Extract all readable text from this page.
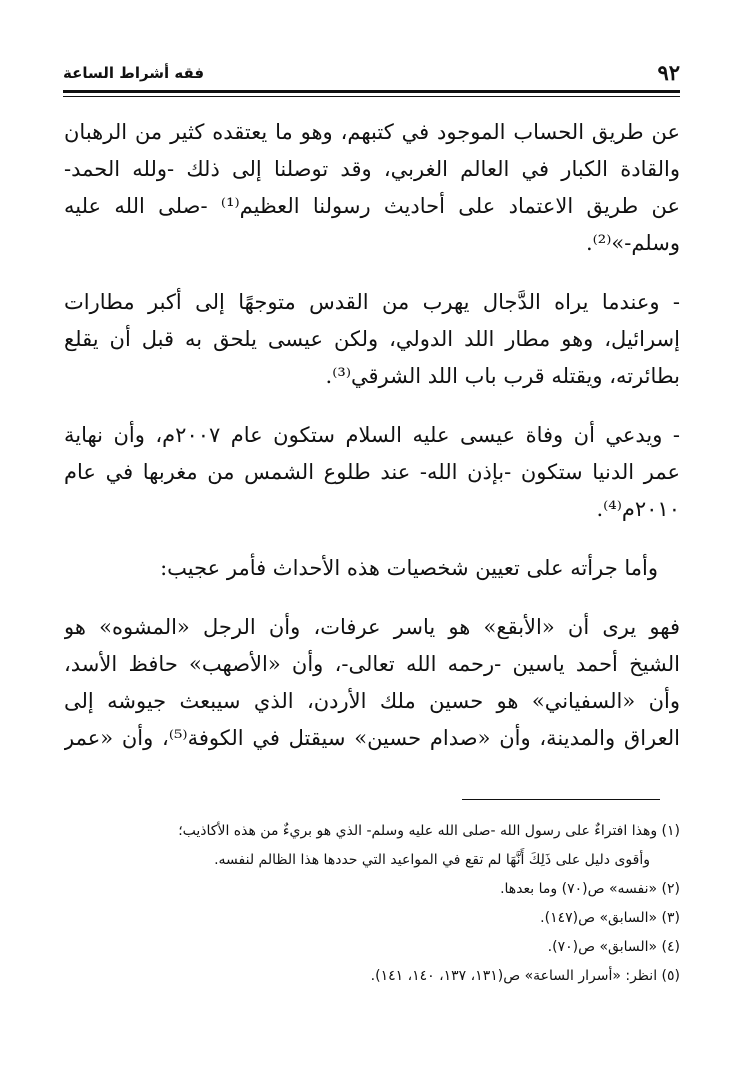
٩٢
فقه أشراط الساعة
عن طريق الحساب الموجود في كتبهم، وهو ما يعتقده كثير من الرهبان
والقادة الكبار في العالم الغربي، وقد توصلنا إلى ذلك -ولله الحمد-
عن طريق الاعتماد على أحاديث رسولنا العظيم⁽¹⁾ -صلى الله عليه
وسلم-»⁽²⁾.
- وعندما يراه الدَّجال يهرب من القدس متوجهًا إلى أكبر مطارات
إسرائيل، وهو مطار اللد الدولي، ولكن عيسى يلحق به قبل أن يقلع
بطائرته، ويقتله قرب باب اللد الشرقي⁽³⁾.
- ويدعي أن وفاة عيسى عليه السلام ستكون عام ٢٠٠٧م، وأن نهاية
عمر الدنيا ستكون -بإذن الله- عند طلوع الشمس من مغربها في عام
٢٠١٠م⁽⁴⁾.
وأما جرأته على تعيين شخصيات هذه الأحداث فأمر عجيب:
فهو يرى أن «الأبقع» هو ياسر عرفات، وأن الرجل «المشوه» هو
الشيخ أحمد ياسين -رحمه الله تعالى-، وأن «الأصهب» حافظ الأسد،
وأن «السفياني» هو حسين ملك الأردن، الذي سيبعث جيوشه إلى
العراق والمدينة، وأن «صدام حسين» سيقتل في الكوفة⁽⁵⁾، وأن «عمر
(١) وهذا افتراءٌ على رسول الله -صلى الله عليه وسلم- الذي هو بريءٌ من هذه الأكاذيب؛
وأقوى دليل على ذَلِكَ أَنَّهَا لم تقع في المواعيد التي حددها هذا الظالم لنفسه.
(٢) «نفسه» ص(٧٠) وما بعدها.
(٣) «السابق» ص(١٤٧).
(٤) «السابق» ص(٧٠).
(٥) انظر: «أسرار الساعة» ص(١٣١، ١٣٧، ١٤٠، ١٤١).
